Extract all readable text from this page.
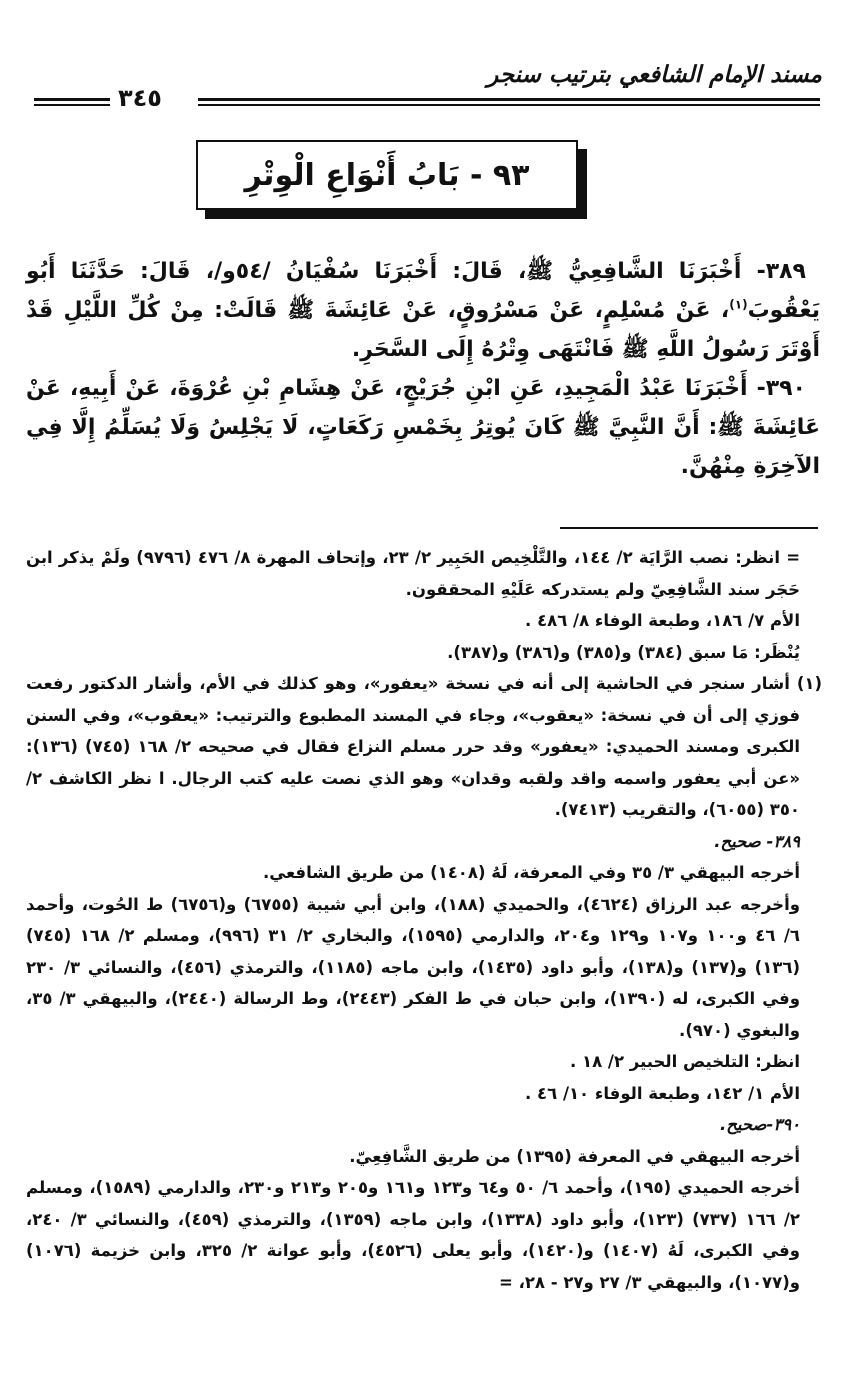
مسند الإمام الشافعي بترتيب سنجر
٣٤٥
٩٣ - بَابُ أَنْوَاعِ الْوِتْرِ

٣٨٩- أَخْبَرَنَا الشَّافِعِيُّ ﷺ، قَالَ: أَخْبَرَنَا سُفْيَانُ /٥٤و/، قَالَ: حَدَّثَنَا أَبُو يَعْقُوبَ$^{(١)}$، عَنْ مُسْلِمٍ، عَنْ مَسْرُوقٍ، عَنْ عَائِشَةَ ﷺ قَالَتْ: مِنْ كُلِّ اللَّيْلِ قَدْ أَوْتَرَ رَسُولُ اللَّهِ ﷺ فَانْتَهَى وِتْرُهُ إِلَى السَّحَرِ.

٣٩٠- أَخْبَرَنَا عَبْدُ الْمَجِيدِ، عَنِ ابْنِ جُرَيْجٍ، عَنْ هِشَامِ بْنِ عُرْوَةَ، عَنْ أَبِيهِ، عَنْ عَائِشَةَ ﷺ: أَنَّ النَّبِيَّ ﷺ كَانَ يُوتِرُ بِخَمْسِ رَكَعَاتٍ، لَا يَجْلِسُ وَلَا يُسَلِّمُ إِلَّا فِي الآخِرَةِ مِنْهُنَّ.

= انظر: نصب الرَّايَة ٢/ ١٤٤، والتَّلْخِيص الحَبِير ٢/ ٢٣، وإتحاف المهرة ٨/ ٤٧٦ (٩٧٩٦) ولَمْ يذكر ابن حَجَر سند الشَّافِعِيّ ولم يستدركه عَلَيْهِ المحققون.

الأم ٧/ ١٨٦، وطبعة الوفاء ٨/ ٤٨٦ .

يُنْظَر: مَا سبق (٣٨٤) و(٣٨٥) و(٣٨٦) و(٣٨٧).

(١) أشار سنجر في الحاشية إلى أنه في نسخة «يعفور»، وهو كذلك في الأم، وأشار الدكتور رفعت فوزي إلى أن في نسخة: «يعقوب»، وجاء في المسند المطبوع والترتيب: «يعقوب»، وفي السنن الكبرى ومسند الحميدي: «يعفور» وقد حرر مسلم النزاع فقال في صحيحه ٢/ ١٦٨ (٧٤٥) (١٣٦): «عن أبي يعفور واسمه واقد ولقبه وقدان» وهو الذي نصت عليه كتب الرجال. ا نظر الكاشف ٢/ ٣٥٠ (٦٠٥٥)، والتقريب (٧٤١٣).

٣٨٩- صحيح.

أخرجه البيهقي ٣/ ٣٥ وفي المعرفة، لَهُ (١٤٠٨) من طريق الشافعي.

وأخرجه عبد الرزاق (٤٦٢٤)، والحميدي (١٨٨)، وابن أبي شيبة (٦٧٥٥) و(٦٧٥٦) ط الحُوت، وأحمد ٦/ ٤٦ و١٠٠ و١٠٧ و١٢٩ و٢٠٤، والدارمي (١٥٩٥)، والبخاري ٢/ ٣١ (٩٩٦)، ومسلم ٢/ ١٦٨ (٧٤٥) (١٣٦) و(١٣٧) و(١٣٨)، وأبو داود (١٤٣٥)، وابن ماجه (١١٨٥)، والترمذي (٤٥٦)، والنسائي ٣/ ٢٣٠ وفي الكبرى، له (١٣٩٠)، وابن حبان في ط الفكر (٢٤٤٣)، وط الرسالة (٢٤٤٠)، والبيهقي ٣/ ٣٥، والبغوي (٩٧٠).

انظر: التلخيص الحبير ٢/ ١٨ .

الأم ١/ ١٤٢، وطبعة الوفاء ١٠/ ٤٦ .

٣٩٠-صحيح.

أخرجه البيهقي في المعرفة (١٣٩٥) من طريق الشَّافِعِيّ.

أخرجه الحميدي (١٩٥)، وأحمد ٦/ ٥٠ و٦٤ و١٢٣ و١٦١ و٢٠٥ و٢١٣ و٢٣٠، والدارمي (١٥٨٩)، ومسلم ٢/ ١٦٦ (٧٣٧) (١٢٣)، وأبو داود (١٣٣٨)، وابن ماجه (١٣٥٩)، والترمذي (٤٥٩)، والنسائي ٣/ ٢٤٠، وفي الكبرى، لَهُ (١٤٠٧) و(١٤٢٠)، وأبو يعلى (٤٥٢٦)، وأبو عوانة ٢/ ٣٢٥، وابن خزيمة (١٠٧٦) و(١٠٧٧)، والبيهقي ٣/ ٢٧ و٢٧ - ٢٨، =
